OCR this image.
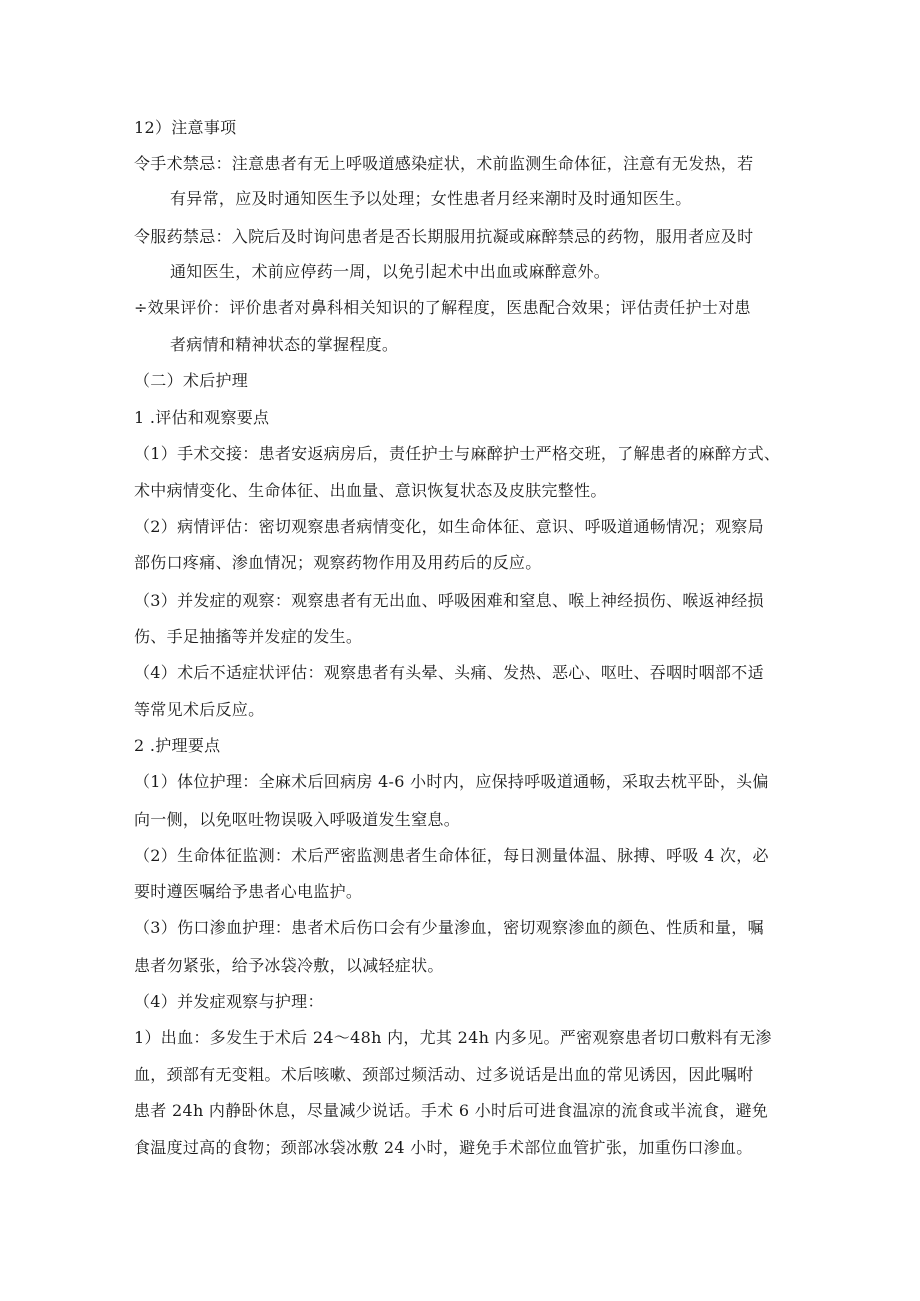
12）注意事项
令手术禁忌：注意患者有无上呼吸道感染症状，术前监测生命体征，注意有无发热，若
有异常，应及时通知医生予以处理；女性患者月经来潮时及时通知医生。
令服药禁忌：入院后及时询问患者是否长期服用抗凝或麻醉禁忌的药物，服用者应及时
通知医生，术前应停药一周，以免引起术中出血或麻醉意外。
÷效果评价：评价患者对鼻科相关知识的了解程度，医患配合效果；评估责任护士对患
者病情和精神状态的掌握程度。
（二）术后护理
1 .评估和观察要点
（1）手术交接：患者安返病房后，责任护士与麻醉护士严格交班，了解患者的麻醉方式、
术中病情变化、生命体征、出血量、意识恢复状态及皮肤完整性。
（2）病情评估：密切观察患者病情变化，如生命体征、意识、呼吸道通畅情况；观察局
部伤口疼痛、渗血情况；观察药物作用及用药后的反应。
（3）并发症的观察：观察患者有无出血、呼吸困难和窒息、喉上神经损伤、喉返神经损
伤、手足抽搐等并发症的发生。
（4）术后不适症状评估：观察患者有头晕、头痛、发热、恶心、呕吐、吞咽时咽部不适
等常见术后反应。
2 .护理要点
（1）体位护理：全麻术后回病房 4-6 小时内，应保持呼吸道通畅，采取去枕平卧，头偏
向一侧，以免呕吐物误吸入呼吸道发生窒息。
（2）生命体征监测：术后严密监测患者生命体征，每日测量体温、脉搏、呼吸 4 次，必
要时遵医嘱给予患者心电监护。
（3）伤口渗血护理：患者术后伤口会有少量渗血，密切观察渗血的颜色、性质和量，嘱
患者勿紧张，给予冰袋冷敷，以减轻症状。
（4）并发症观察与护理：
1）出血：多发生于术后 24～48h 内，尤其 24h 内多见。严密观察患者切口敷料有无渗
血，颈部有无变粗。术后咳嗽、颈部过频活动、过多说话是出血的常见诱因，因此嘱咐
患者 24h 内静卧休息，尽量减少说话。手术 6 小时后可进食温凉的流食或半流食，避免
食温度过高的食物；颈部冰袋冰敷 24 小时，避免手术部位血管扩张，加重伤口渗血。
